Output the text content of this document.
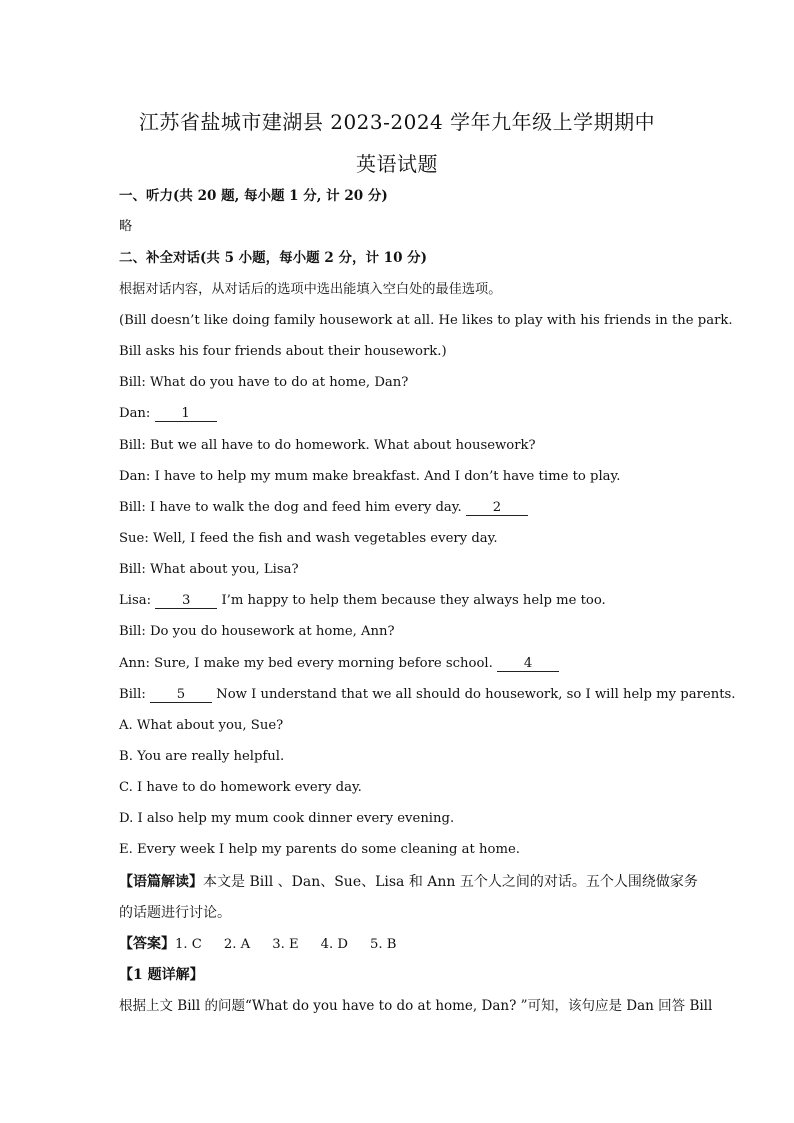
江苏省盐城市建湖县 2023-2024 学年九年级上学期期中
英语试题
一、听力(共 20 题, 每小题 1 分, 计 20 分)
略
二、补全对话(共 5 小题，每小题 2 分，计 10 分)
根据对话内容，从对话后的选项中选出能填入空白处的最佳选项。
(Bill doesn’t like doing family housework at all. He likes to play with his friends in the park.
Bill asks his four friends about their housework.)
Bill: What do you have to do at home, Dan?
Dan: 1
Bill: But we all have to do homework. What about housework?
Dan: I have to help my mum make breakfast. And I don’t have time to play.
Bill: I have to walk the dog and feed him every day. 2
Sue: Well, I feed the fish and wash vegetables every day.
Bill: What about you, Lisa?
Lisa: 3 I’m happy to help them because they always help me too.
Bill: Do you do housework at home, Ann?
Ann: Sure, I make my bed every morning before school. 4
Bill: 5 Now I understand that we all should do housework, so I will help my parents.
A. What about you, Sue?
B. You are really helpful.
C. I have to do homework every day.
D. I also help my mum cook dinner every evening.
E. Every week I help my parents do some cleaning at home.
【语篇解读】本文是 Bill 、Dan、Sue、Lisa 和 Ann 五个人之间的对话。五个人围绕做家务
的话题进行讨论。
【答案】1. C 2. A 3. E 4. D 5. B
【1 题详解】
根据上文 Bill 的问题“What do you have to do at home, Dan? ”可知，该句应是 Dan 回答 Bill
